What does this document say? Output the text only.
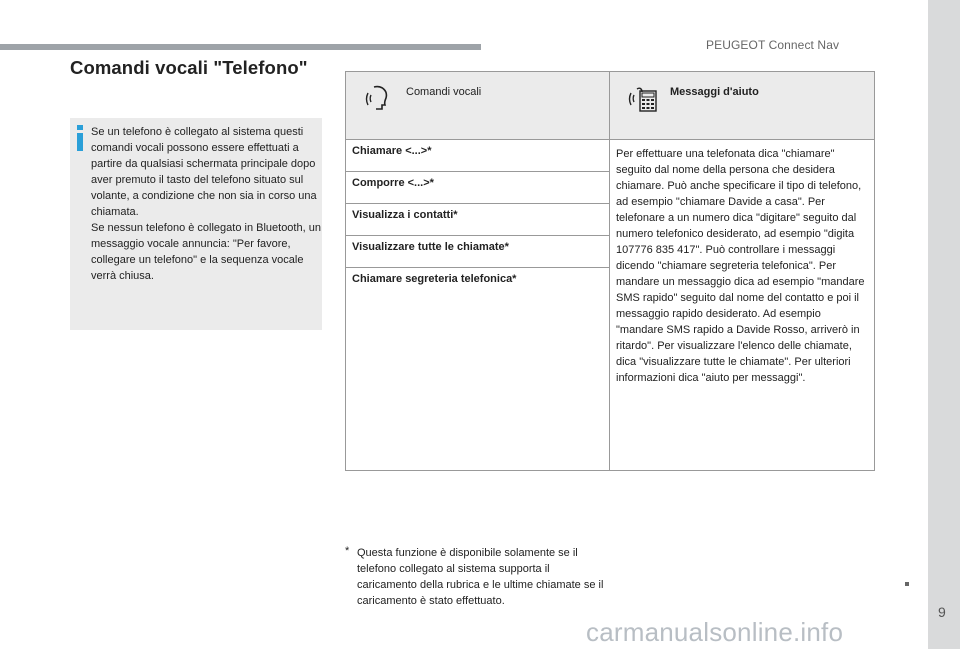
PEUGEOT Connect Nav
9
Comandi vocali "Telefono"

Se un telefono è collegato al sistema questi comandi vocali possono essere effettuati a partire da qualsiasi schermata principale dopo aver premuto il tasto del telefono situato sul volante, a condizione che non sia in corso una chiamata.

Se nessun telefono è collegato in Bluetooth, un messaggio vocale annuncia: "Per favore, collegare un telefono" e la sequenza vocale verrà chiusa.

Comandi vocali	Messaggi d'aiuto

Chiamare <...>*	Per effettuare una telefonata dica "chiamare" seguito dal nome della persona che desidera chiamare. Può anche specificare il tipo di telefono, ad esempio "chiamare Davide a casa". Per telefonare a un numero dica "digitare" seguito dal numero telefonico desiderato, ad esempio "digita 107776 835 417". Può controllare i messaggi dicendo "chiamare segreteria telefonica". Per mandare un messaggio dica ad esempio "mandare SMS rapido" seguito dal nome del contatto e poi il messaggio rapido desiderato. Ad esempio "mandare SMS rapido a Davide Rosso, arriverò in ritardo". Per visualizzare l'elenco delle chiamate, dica "visualizzare tutte le chiamate". Per ulteriori informazioni dica "aiuto per messaggi".
Comporre <...>*	
Visualizza i contatti*	
Visualizzare tutte le chiamate*	
Chiamare segreteria telefonica*	
* Questa funzione è disponibile solamente se il telefono collegato al sistema supporta il caricamento della rubrica e le ultime chiamate se il caricamento è stato effettuato.
carmanualsonline.info
